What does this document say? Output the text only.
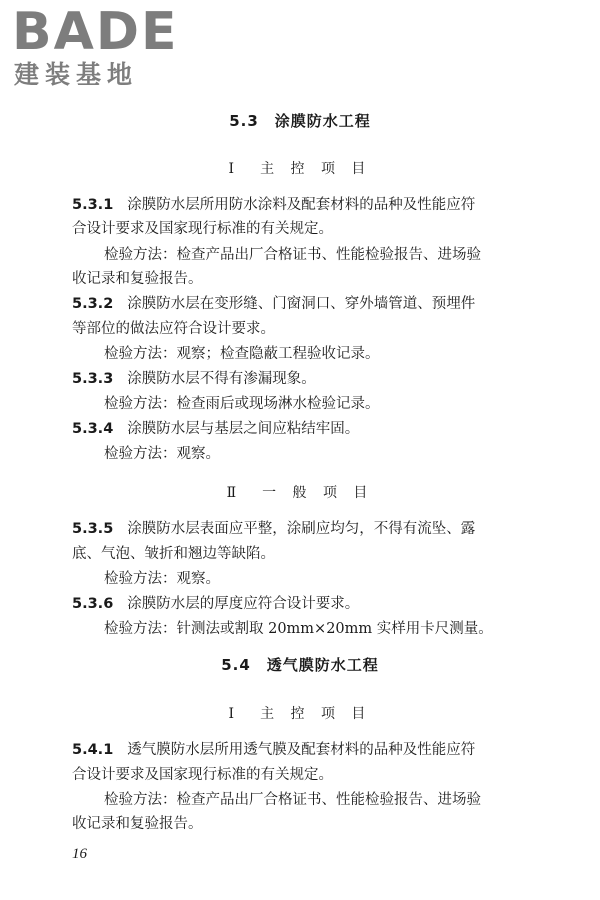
BADE
建装基地
5.3　涂膜防水工程
Ⅰ　主 控 项 目
5.3.1 涂膜防水层所用防水涂料及配套材料的品种及性能应符
合设计要求及国家现行标准的有关规定。
检验方法：检查产品出厂合格证书、性能检验报告、进场验
收记录和复验报告。
5.3.2 涂膜防水层在变形缝、门窗洞口、穿外墙管道、预埋件
等部位的做法应符合设计要求。
检验方法：观察；检查隐蔽工程验收记录。
5.3.3 涂膜防水层不得有渗漏现象。
检验方法：检查雨后或现场淋水检验记录。
5.3.4 涂膜防水层与基层之间应粘结牢固。
检验方法：观察。
Ⅱ　一 般 项 目
5.3.5 涂膜防水层表面应平整，涂刷应均匀，不得有流坠、露
底、气泡、皱折和翘边等缺陷。
检验方法：观察。
5.3.6 涂膜防水层的厚度应符合设计要求。
检验方法：针测法或割取 20mm×20mm 实样用卡尺测量。
5.4　透气膜防水工程
Ⅰ　主 控 项 目
5.4.1 透气膜防水层所用透气膜及配套材料的品种及性能应符
合设计要求及国家现行标准的有关规定。
检验方法：检查产品出厂合格证书、性能检验报告、进场验
收记录和复验报告。
16
